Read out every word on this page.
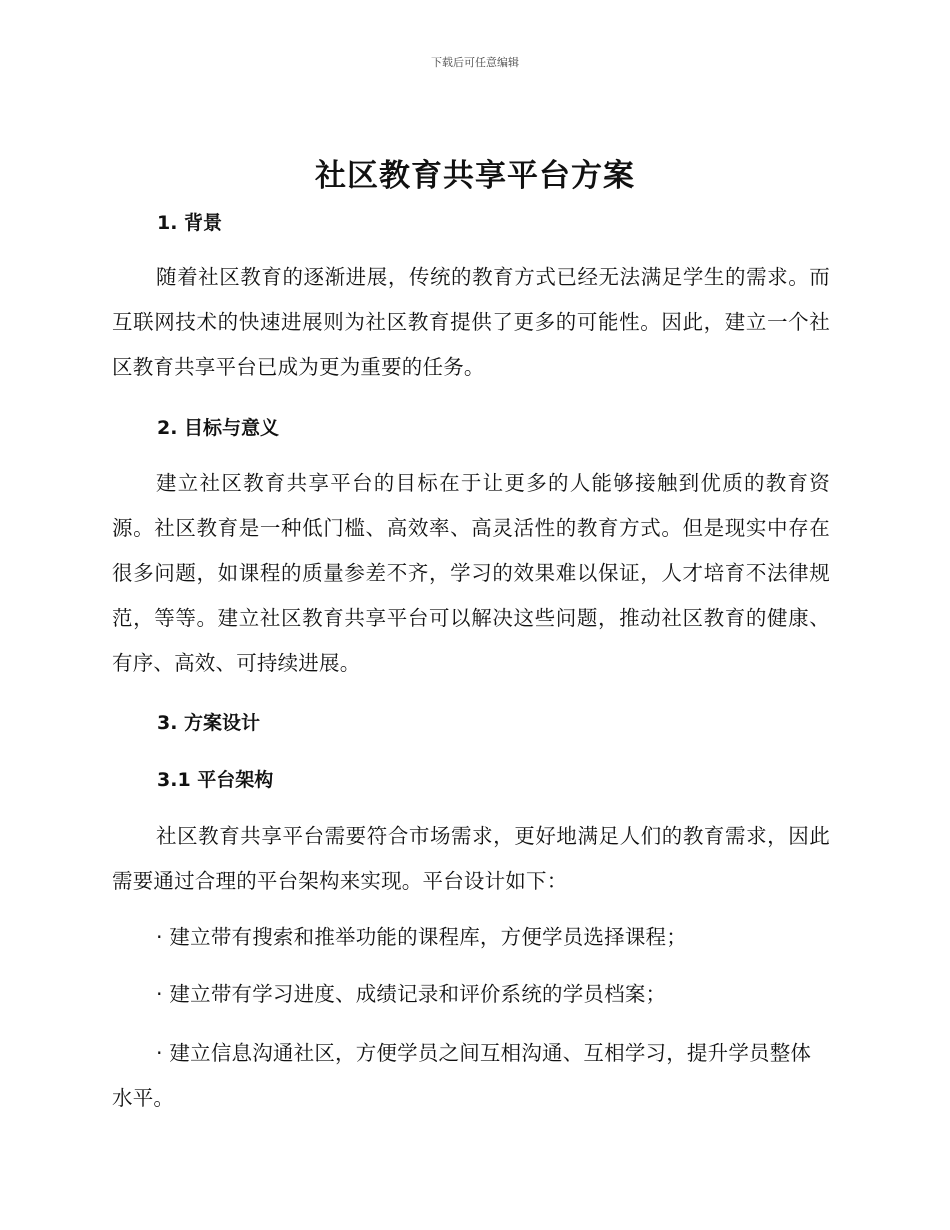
下载后可任意编辑
社区教育共享平台方案
1. 背景

随着社区教育的逐渐进展，传统的教育方式已经无法满足学生的需求。而互联网技术的快速进展则为社区教育提供了更多的可能性。因此，建立一个社区教育共享平台已成为更为重要的任务。

2. 目标与意义

建立社区教育共享平台的目标在于让更多的人能够接触到优质的教育资源。社区教育是一种低门槛、高效率、高灵活性的教育方式。但是现实中存在很多问题，如课程的质量参差不齐，学习的效果难以保证，人才培育不法律规范，等等。建立社区教育共享平台可以解决这些问题，推动社区教育的健康、有序、高效、可持续进展。

3. 方案设计
3.1 平台架构

社区教育共享平台需要符合市场需求，更好地满足人们的教育需求，因此需要通过合理的平台架构来实现。平台设计如下：

· 建立带有搜索和推举功能的课程库，方便学员选择课程；

· 建立带有学习进度、成绩记录和评价系统的学员档案；

· 建立信息沟通社区，方便学员之间互相沟通、互相学习，提升学员整体水平。
